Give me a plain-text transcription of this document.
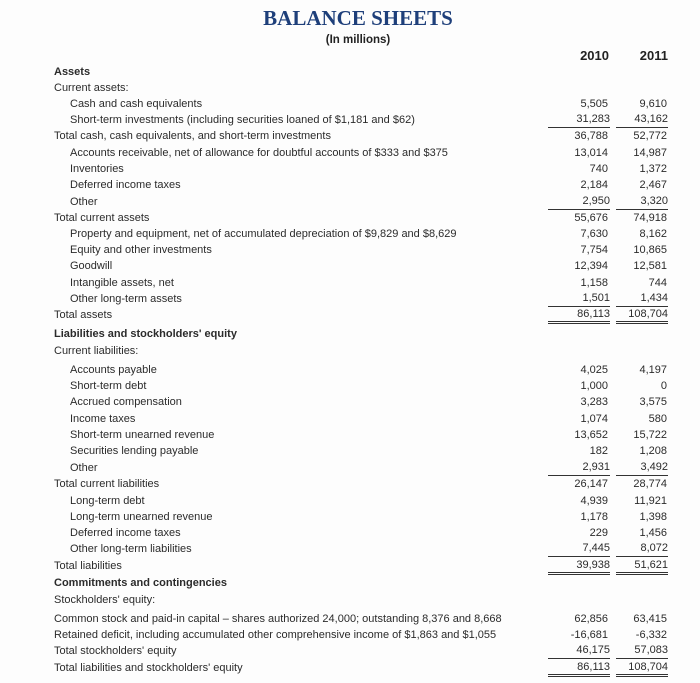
BALANCE SHEETS
(In millions)
2010	2011
Assets
Current assets:
Cash and cash equivalents	5,505	9,610
Short-term investments (including securities loaned of $1,181 and $62)	31,283	43,162
Total cash, cash equivalents, and short-term investments	36,788	52,772
Accounts receivable, net of allowance for doubtful accounts of $333 and $375	13,014	14,987
Inventories	740	1,372
Deferred income taxes	2,184	2,467
Other	2,950	3,320
Total current assets	55,676	74,918
Property and equipment, net of accumulated depreciation of $9,829 and $8,629	7,630	8,162
Equity and other investments	7,754	10,865
Goodwill	12,394	12,581
Intangible assets, net	1,158	744
Other long-term assets	1,501	1,434
Total assets	86,113	108,704
Liabilities and stockholders' equity
Current liabilities:
Accounts payable	4,025	4,197
Short-term debt	1,000	0
Accrued compensation	3,283	3,575
Income taxes	1,074	580
Short-term unearned revenue	13,652	15,722
Securities lending payable	182	1,208
Other	2,931	3,492
Total current liabilities	26,147	28,774
Long-term debt	4,939	11,921
Long-term unearned revenue	1,178	1,398
Deferred income taxes	229	1,456
Other long-term liabilities	7,445	8,072
Total liabilities	39,938	51,621
Commitments and contingencies
Stockholders' equity:
Common stock and paid-in capital – shares authorized 24,000; outstanding 8,376 and 8,668	62,856	63,415
Retained deficit, including accumulated other comprehensive income of $1,863 and $1,055	-16,681	-6,332
Total stockholders' equity	46,175	57,083
Total liabilities and stockholders' equity	86,113	108,704
